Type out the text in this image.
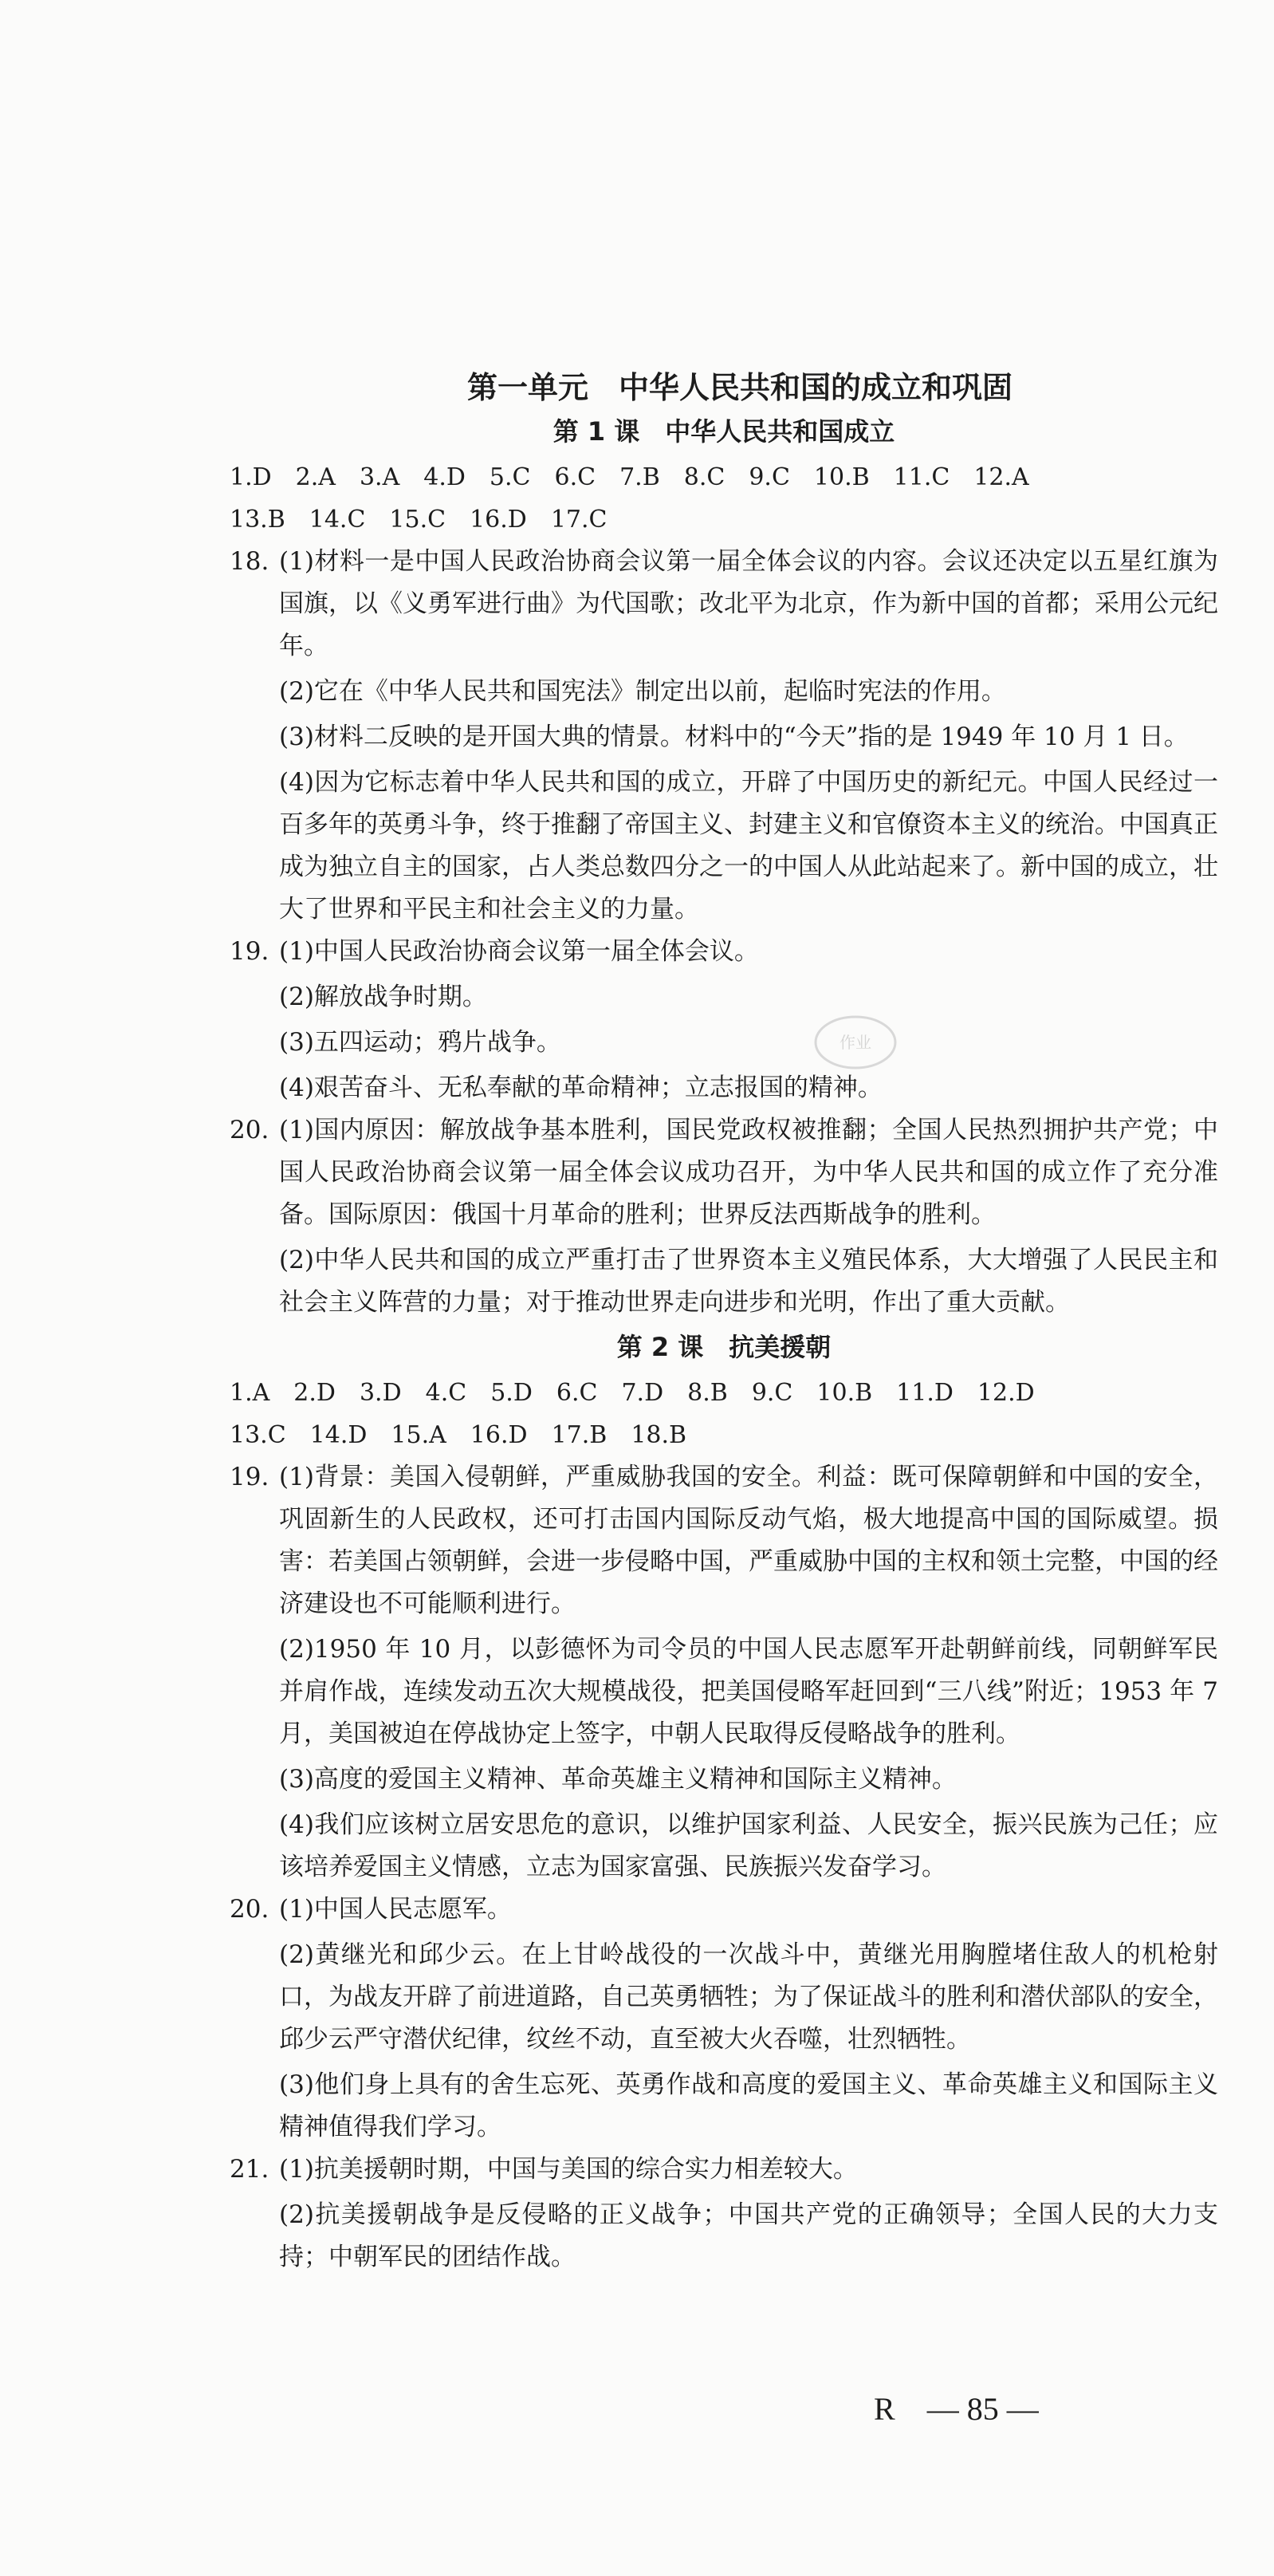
第一单元　中华人民共和国的成立和巩固
第 1 课　中华人民共和国成立
1.D　2.A　3.A　4.D　5.C　6.C　7.B　8.C　9.C　10.B　11.C　12.A
13.B　14.C　15.C　16.D　17.C
18. (1)材料一是中国人民政治协商会议第一届全体会议的内容。会议还决定以五星红旗为国旗，以《义勇军进行曲》为代国歌；改北平为北京，作为新中国的首都；采用公元纪年。
(2)它在《中华人民共和国宪法》制定出以前，起临时宪法的作用。
(3)材料二反映的是开国大典的情景。材料中的“今天”指的是 1949 年 10 月 1 日。
(4)因为它标志着中华人民共和国的成立，开辟了中国历史的新纪元。中国人民经过一百多年的英勇斗争，终于推翻了帝国主义、封建主义和官僚资本主义的统治。中国真正成为独立自主的国家，占人类总数四分之一的中国人从此站起来了。新中国的成立，壮大了世界和平民主和社会主义的力量。
19. (1)中国人民政治协商会议第一届全体会议。
(2)解放战争时期。
(3)五四运动；鸦片战争。
(4)艰苦奋斗、无私奉献的革命精神；立志报国的精神。
20. (1)国内原因：解放战争基本胜利，国民党政权被推翻；全国人民热烈拥护共产党；中国人民政治协商会议第一届全体会议成功召开，为中华人民共和国的成立作了充分准备。国际原因：俄国十月革命的胜利；世界反法西斯战争的胜利。
(2)中华人民共和国的成立严重打击了世界资本主义殖民体系，大大增强了人民民主和社会主义阵营的力量；对于推动世界走向进步和光明，作出了重大贡献。
第 2 课　抗美援朝
1.A　2.D　3.D　4.C　5.D　6.C　7.D　8.B　9.C　10.B　11.D　12.D
13.C　14.D　15.A　16.D　17.B　18.B
19. (1)背景：美国入侵朝鲜，严重威胁我国的安全。利益：既可保障朝鲜和中国的安全，巩固新生的人民政权，还可打击国内国际反动气焰，极大地提高中国的国际威望。损害：若美国占领朝鲜，会进一步侵略中国，严重威胁中国的主权和领土完整，中国的经济建设也不可能顺利进行。
(2)1950 年 10 月，以彭德怀为司令员的中国人民志愿军开赴朝鲜前线，同朝鲜军民并肩作战，连续发动五次大规模战役，把美国侵略军赶回到“三八线”附近；1953 年 7 月，美国被迫在停战协定上签字，中朝人民取得反侵略战争的胜利。
(3)高度的爱国主义精神、革命英雄主义精神和国际主义精神。
(4)我们应该树立居安思危的意识，以维护国家利益、人民安全，振兴民族为己任；应该培养爱国主义情感，立志为国家富强、民族振兴发奋学习。
20. (1)中国人民志愿军。
(2)黄继光和邱少云。在上甘岭战役的一次战斗中，黄继光用胸膛堵住敌人的机枪射口，为战友开辟了前进道路，自己英勇牺牲；为了保证战斗的胜利和潜伏部队的安全，邱少云严守潜伏纪律，纹丝不动，直至被大火吞噬，壮烈牺牲。
(3)他们身上具有的舍生忘死、英勇作战和高度的爱国主义、革命英雄主义和国际主义精神值得我们学习。
21. (1)抗美援朝时期，中国与美国的综合实力相差较大。
(2)抗美援朝战争是反侵略的正义战争；中国共产党的正确领导；全国人民的大力支持；中朝军民的团结作战。
作业
R — 85 —
